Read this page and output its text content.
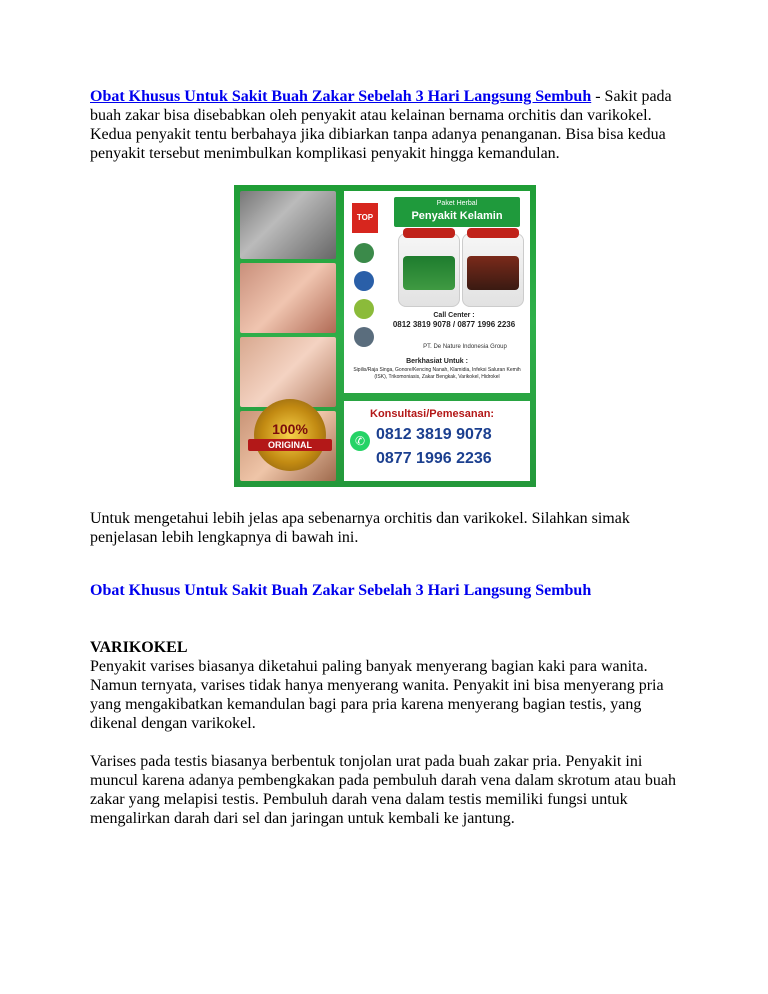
Obat Khusus Untuk Sakit Buah Zakar Sebelah 3 Hari Langsung Sembuh - Sakit pada buah zakar bisa disebabkan oleh penyakit atau kelainan bernama orchitis dan varikokel. Kedua penyakit tentu berbahaya jika dibiarkan tanpa adanya penanganan. Bisa bisa kedua penyakit tersebut menimbulkan komplikasi penyakit hingga kemandulan.

TOP
Paket Herbal
Penyakit Kelamin
Call Center :
0812 3819 9078 / 0877 1996 2236
PT. De Nature Indonesia Group
Berkhasiat Untuk :
Sipilis/Raja Singa, Gonore/Kencing Nanah, Klamidia, Infeksi Saluran Kemih (ISK), Trikomoniasis, Zakar Bengkak, Varikokel, Hidrokel
100%
ORIGINAL
Konsultasi/Pemesanan:
✆ 0812 3819 9078
0877 1996 2236

Untuk mengetahui lebih jelas apa sebenarnya orchitis dan varikokel. Silahkan simak penjelasan lebih lengkapnya di bawah ini.

Obat Khusus Untuk Sakit Buah Zakar Sebelah 3 Hari Langsung Sembuh

VARIKOKEL

Penyakit varises biasanya diketahui paling banyak menyerang bagian kaki para wanita. Namun ternyata, varises tidak hanya menyerang wanita. Penyakit ini bisa menyerang pria yang mengakibatkan kemandulan bagi para pria karena menyerang bagian testis, yang dikenal dengan varikokel.

Varises pada testis biasanya berbentuk tonjolan urat pada buah zakar pria. Penyakit ini muncul karena adanya pembengkakan pada pembuluh darah vena dalam skrotum atau buah zakar yang melapisi testis. Pembuluh darah vena dalam testis memiliki fungsi untuk mengalirkan darah dari sel dan jaringan untuk kembali ke jantung.
